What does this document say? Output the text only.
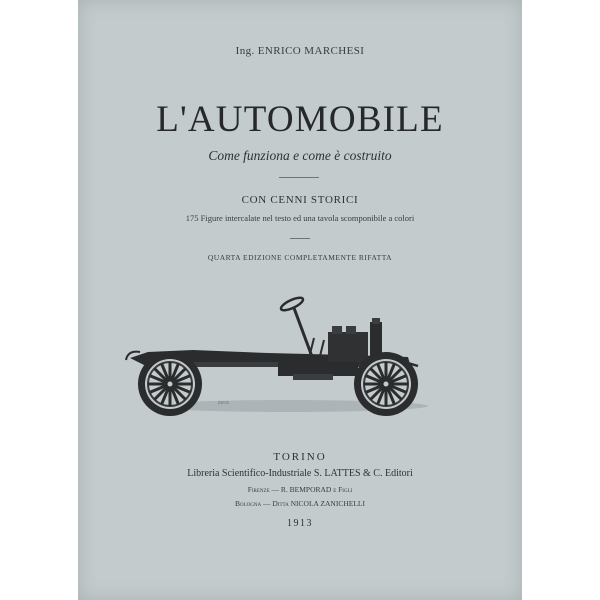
Ing. ENRICO MARCHESI
L'AUTOMOBILE
Come funziona e come è costruito
CON CENNI STORICI
175 Figure intercalate nel testo ed una tavola scomponibile a colori
QUARTA EDIZIONE COMPLETAMENTE RIFATTA
ZULN.
TORINO
Libreria Scientifico-Industriale S. LATTES & C. Editori
Firenze — R. BEMPORAD e Figli
Bologna — Ditta NICOLA ZANICHELLI
1913
